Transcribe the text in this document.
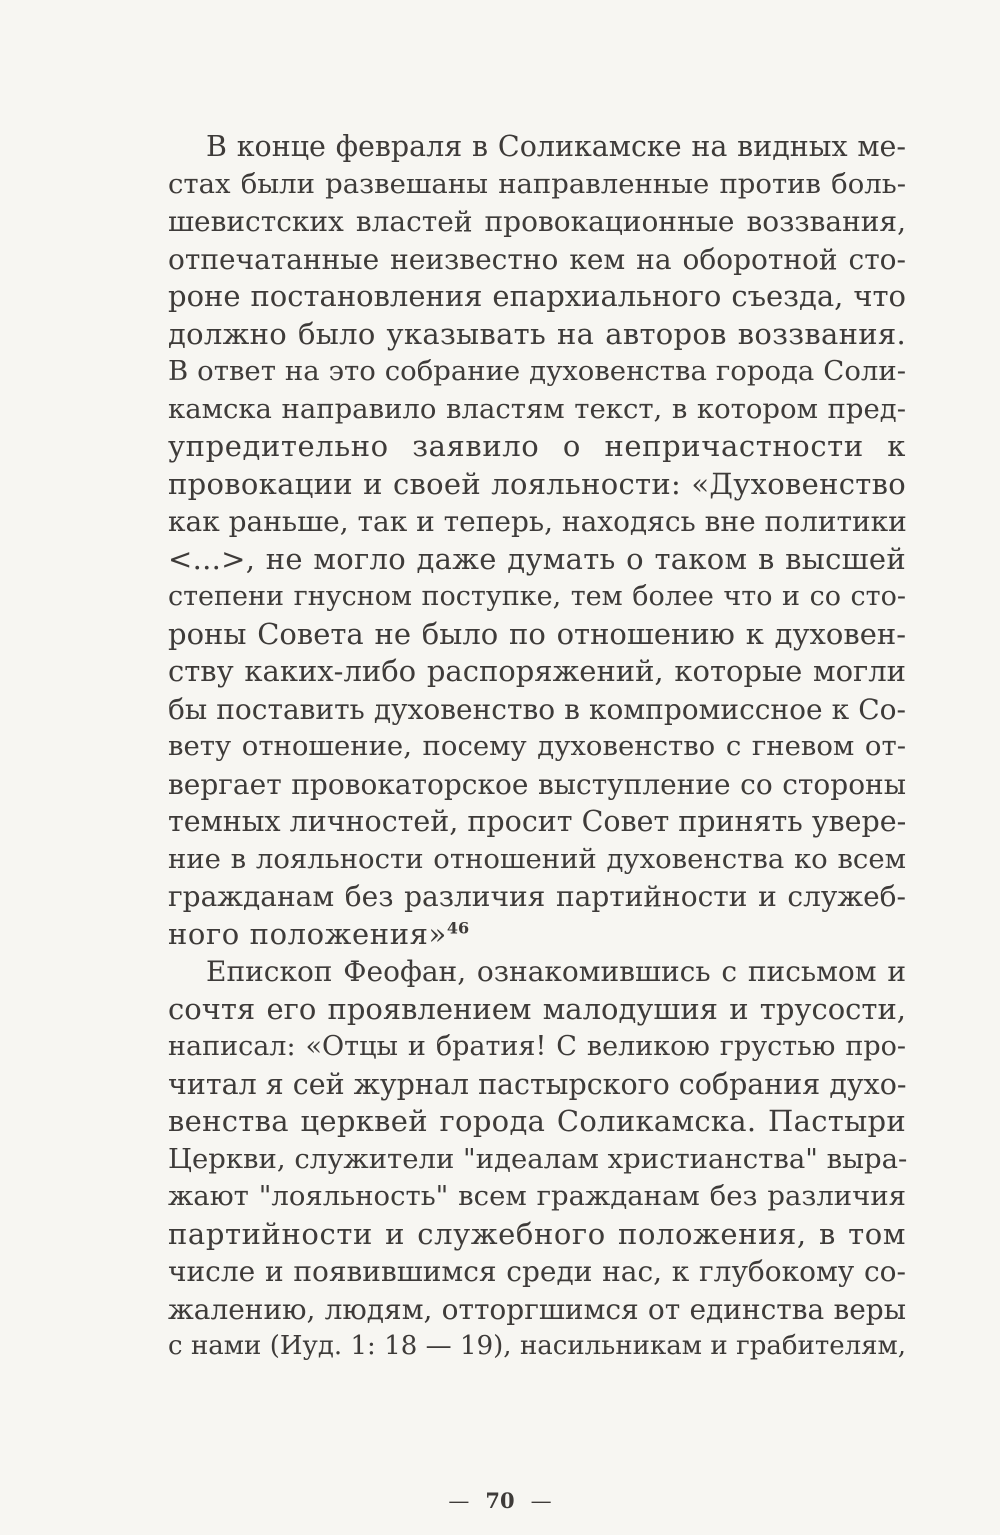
В конце февраля в Соликамске на видных ме-
стах были развешаны направленные против боль-
шевистских властей провокационные воззвания,
отпечатанные неизвестно кем на оборотной сто-
роне постановления епархиального съезда, что
должно было указывать на авторов воззвания.
В ответ на это собрание духовенства города Соли-
камска направило властям текст, в котором пред-
упредительно заявило о непричастности к
провокации и своей лояльности: «Духовенство
как раньше, так и теперь, находясь вне политики
<...>, не могло даже думать о таком в высшей
степени гнусном поступке, тем более что и со сто-
роны Совета не было по отношению к духовен-
ству каких-либо распоряжений, которые могли
бы поставить духовенство в компромиссное к Со-
вету отношение, посему духовенство с гневом от-
вергает провокаторское выступление со стороны
темных личностей, просит Совет принять увере-
ние в лояльности отношений духовенства ко всем
гражданам без различия партийности и служеб-
ного положения»$^{46}$
Епископ Феофан, ознакомившись с письмом и
сочтя его проявлением малодушия и трусости,
написал: «Отцы и братия! С великою грустью про-
читал я сей журнал пастырского собрания духо-
венства церквей города Соликамска. Пастыри
Церкви, служители "идеалам христианства" выра-
жают "лояльность" всем гражданам без различия
партийности и служебного положения, в том
числе и появившимся среди нас, к глубокому со-
жалению, людям, отторгшимся от единства веры
с нами (Иуд. 1: 18 — 19), насильникам и грабителям,
— 70 —
